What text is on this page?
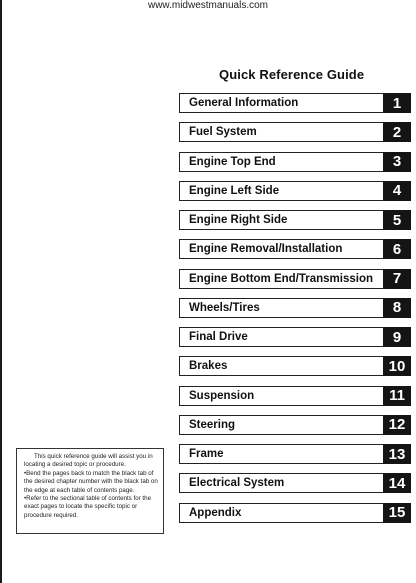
www.midwestmanuals.com
Quick Reference Guide
General Information	1
Fuel System	2
Engine Top End	3
Engine Left Side	4
Engine Right Side	5
Engine Removal/Installation	6
Engine Bottom End/Transmission	7
Wheels/Tires	8
Final Drive	9
Brakes	10
Suspension	11
Steering	12
Frame	13
Electrical System	14
Appendix	15

This quick reference guide will assist you in locating a desired topic or procedure.

•Bend the pages back to match the black tab of the desired chapter number with the black tab on the edge at each table of contents page.

•Refer to the sectional table of contents for the exact pages to locate the specific topic or procedure required.
